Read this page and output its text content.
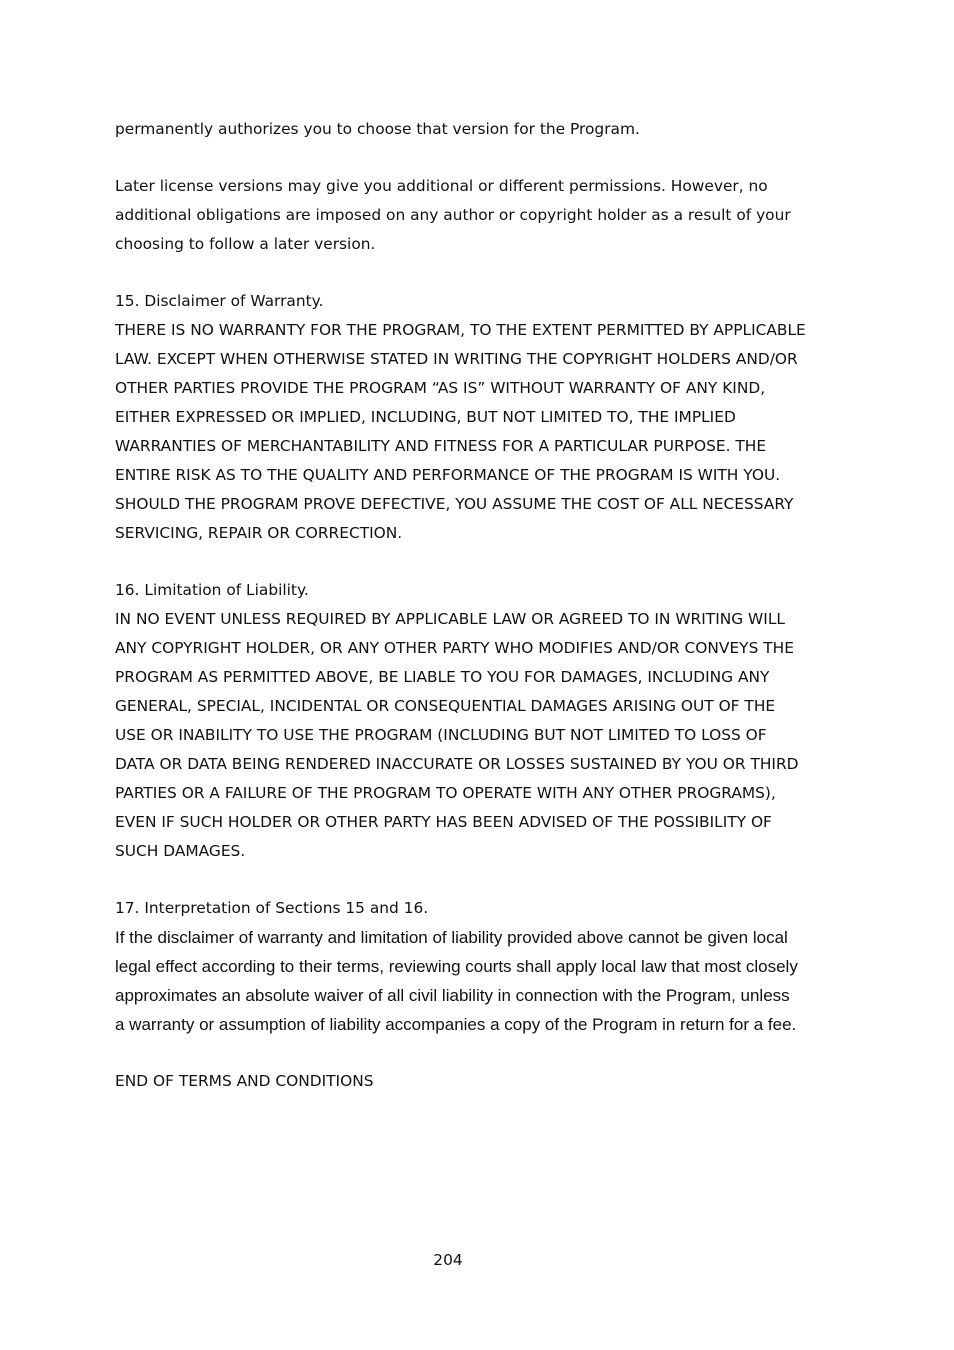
permanently authorizes you to choose that version for the Program.

Later license versions may give you additional or different permissions. However, no
additional obligations are imposed on any author or copyright holder as a result of your
choosing to follow a later version.

15. Disclaimer of Warranty.
THERE IS NO WARRANTY FOR THE PROGRAM, TO THE EXTENT PERMITTED BY APPLICABLE
LAW. EXCEPT WHEN OTHERWISE STATED IN WRITING THE COPYRIGHT HOLDERS AND/OR
OTHER PARTIES PROVIDE THE PROGRAM “AS IS” WITHOUT WARRANTY OF ANY KIND,
EITHER EXPRESSED OR IMPLIED, INCLUDING, BUT NOT LIMITED TO, THE IMPLIED
WARRANTIES OF MERCHANTABILITY AND FITNESS FOR A PARTICULAR PURPOSE. THE
ENTIRE RISK AS TO THE QUALITY AND PERFORMANCE OF THE PROGRAM IS WITH YOU.
SHOULD THE PROGRAM PROVE DEFECTIVE, YOU ASSUME THE COST OF ALL NECESSARY
SERVICING, REPAIR OR CORRECTION.

16. Limitation of Liability.
IN NO EVENT UNLESS REQUIRED BY APPLICABLE LAW OR AGREED TO IN WRITING WILL
ANY COPYRIGHT HOLDER, OR ANY OTHER PARTY WHO MODIFIES AND/OR CONVEYS THE
PROGRAM AS PERMITTED ABOVE, BE LIABLE TO YOU FOR DAMAGES, INCLUDING ANY
GENERAL, SPECIAL, INCIDENTAL OR CONSEQUENTIAL DAMAGES ARISING OUT OF THE
USE OR INABILITY TO USE THE PROGRAM (INCLUDING BUT NOT LIMITED TO LOSS OF
DATA OR DATA BEING RENDERED INACCURATE OR LOSSES SUSTAINED BY YOU OR THIRD
PARTIES OR A FAILURE OF THE PROGRAM TO OPERATE WITH ANY OTHER PROGRAMS),
EVEN IF SUCH HOLDER OR OTHER PARTY HAS BEEN ADVISED OF THE POSSIBILITY OF
SUCH DAMAGES.

17. Interpretation of Sections 15 and 16.

If the disclaimer of warranty and limitation of liability provided above cannot be given local
legal effect according to their terms, reviewing courts shall apply local law that most closely
approximates an absolute waiver of all civil liability in connection with the Program, unless
a warranty or assumption of liability accompanies a copy of the Program in return for a fee.

END OF TERMS AND CONDITIONS

204
